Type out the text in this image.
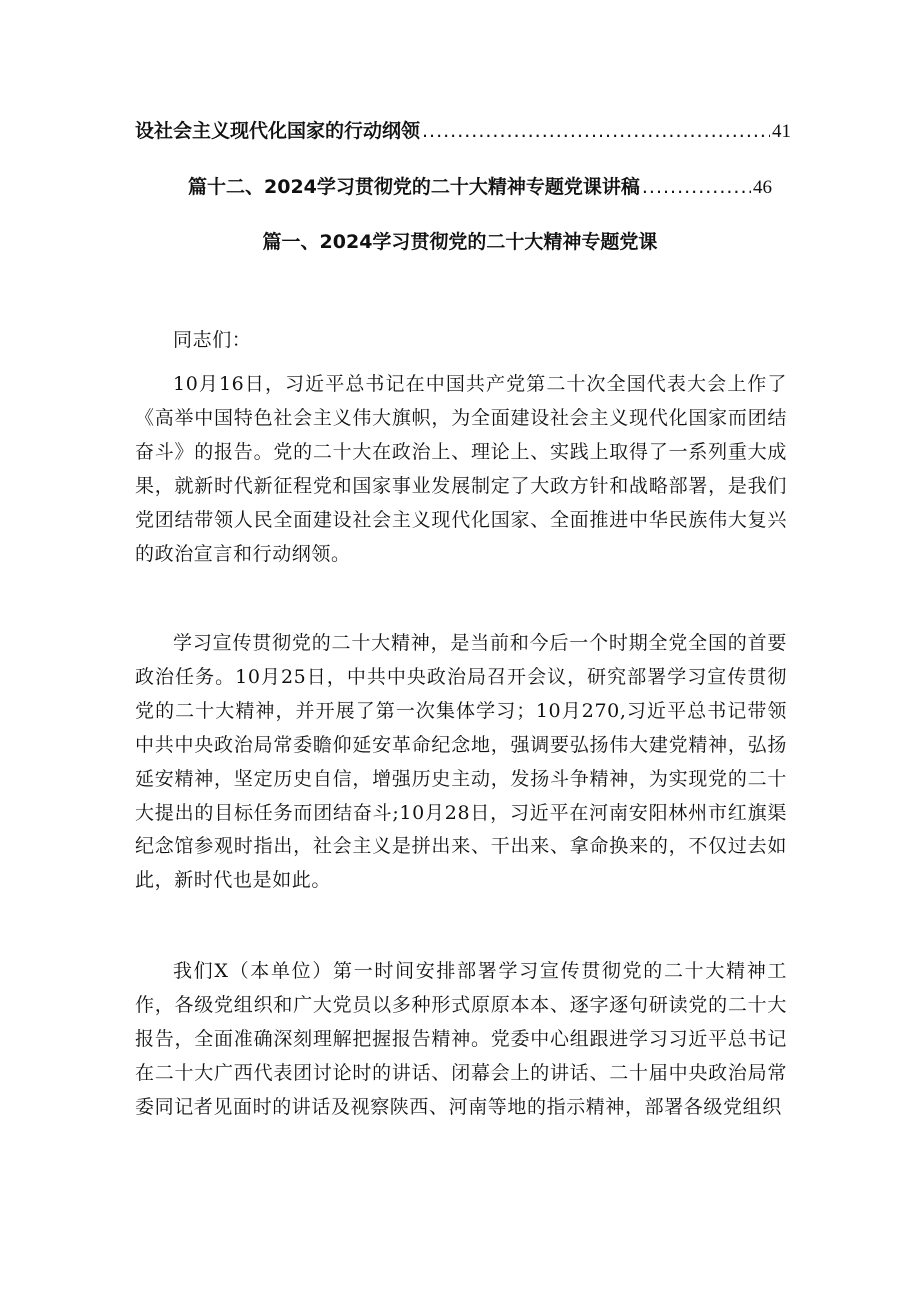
设社会主义现代化国家的行动纲领 .....	41
篇十二、2024学习贯彻党的二十大精神专题党课讲稿 .....	46
篇一、2024学习贯彻党的二十大精神专题党课

同志们：

10月16日，习近平总书记在中国共产党第二十次全国代表大会上作了《高举中国特色社会主义伟大旗帜，为全面建设社会主义现代化国家而团结奋斗》的报告。党的二十大在政治上、理论上、实践上取得了一系列重大成果，就新时代新征程党和国家事业发展制定了大政方针和战略部署，是我们党团结带领人民全面建设社会主义现代化国家、全面推进中华民族伟大复兴的政治宣言和行动纲领。

学习宣传贯彻党的二十大精神，是当前和今后一个时期全党全国的首要政治任务。10月25日，中共中央政治局召开会议，研究部署学习宣传贯彻党的二十大精神，并开展了第一次集体学习；10月270,习近平总书记带领中共中央政治局常委瞻仰延安革命纪念地，强调要弘扬伟大建党精神，弘扬延安精神，坚定历史自信，增强历史主动，发扬斗争精神，为实现党的二十大提出的目标任务而团结奋斗;10月28日，习近平在河南安阳林州市红旗渠纪念馆参观时指出，社会主义是拼出来、干出来、拿命换来的，不仅过去如此，新时代也是如此。

我们X（本单位）第一时间安排部署学习宣传贯彻党的二十大精神工作，各级党组织和广大党员以多种形式原原本本、逐字逐句研读党的二十大报告，全面准确深刻理解把握报告精神。党委中心组跟进学习习近平总书记在二十大广西代表团讨论时的讲话、闭幕会上的讲话、二十届中央政治局常委同记者见面时的讲话及视察陕西、河南等地的指示精神，部署各级党组织
